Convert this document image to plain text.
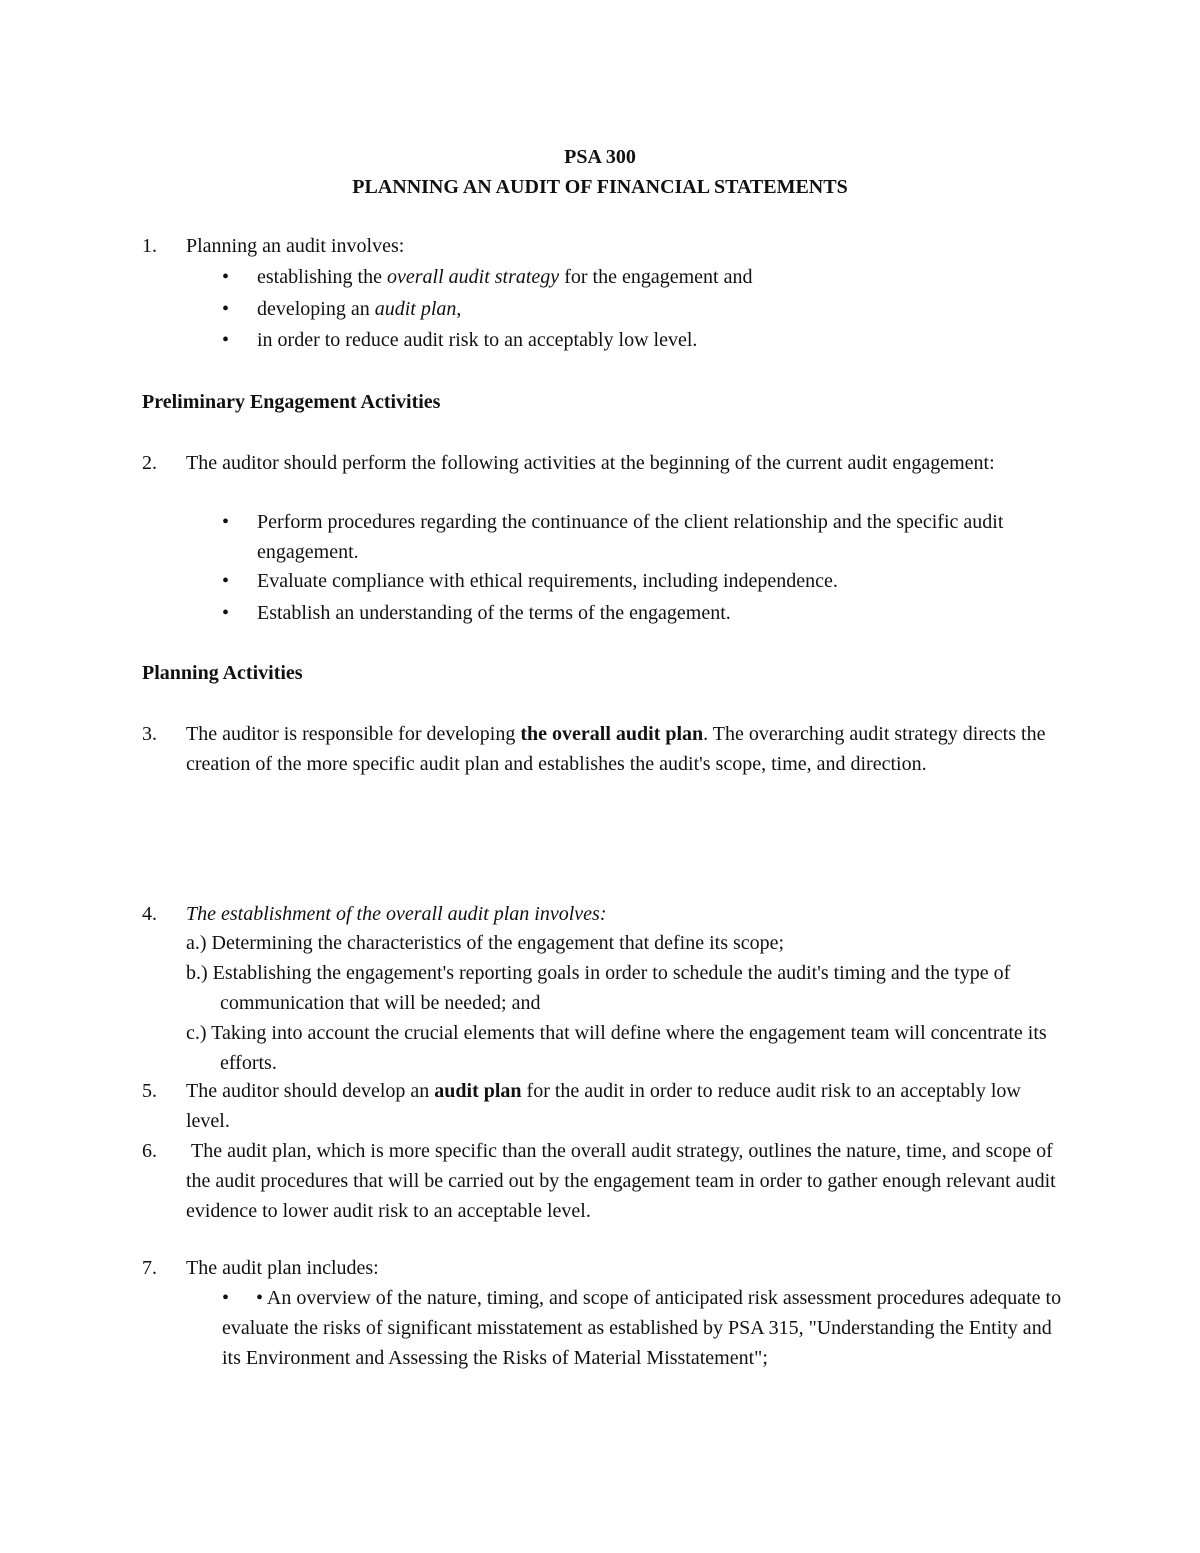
PSA 300
PLANNING AN AUDIT OF FINANCIAL STATEMENTS
1. Planning an audit involves:
• establishing the overall audit strategy for the engagement and
• developing an audit plan,
• in order to reduce audit risk to an acceptably low level.
Preliminary Engagement Activities
2. The auditor should perform the following activities at the beginning of the current audit engagement:
• Perform procedures regarding the continuance of the client relationship and the specific audit engagement.
• Evaluate compliance with ethical requirements, including independence.
• Establish an understanding of the terms of the engagement.
Planning Activities
3. The auditor is responsible for developing the overall audit plan. The overarching audit strategy directs the creation of the more specific audit plan and establishes the audit's scope, time, and direction.
4. The establishment of the overall audit plan involves:
a.) Determining the characteristics of the engagement that define its scope;
b.) Establishing the engagement's reporting goals in order to schedule the audit's timing and the type of communication that will be needed; and
c.) Taking into account the crucial elements that will define where the engagement team will concentrate its efforts.
5. The auditor should develop an audit plan for the audit in order to reduce audit risk to an acceptably low level.
6. The audit plan, which is more specific than the overall audit strategy, outlines the nature, time, and scope of the audit procedures that will be carried out by the engagement team in order to gather enough relevant audit evidence to lower audit risk to an acceptable level.
7. The audit plan includes:
•	• An overview of the nature, timing, and scope of anticipated risk assessment procedures adequate to evaluate the risks of significant misstatement as established by PSA 315, "Understanding the Entity and its Environment and Assessing the Risks of Material Misstatement";
